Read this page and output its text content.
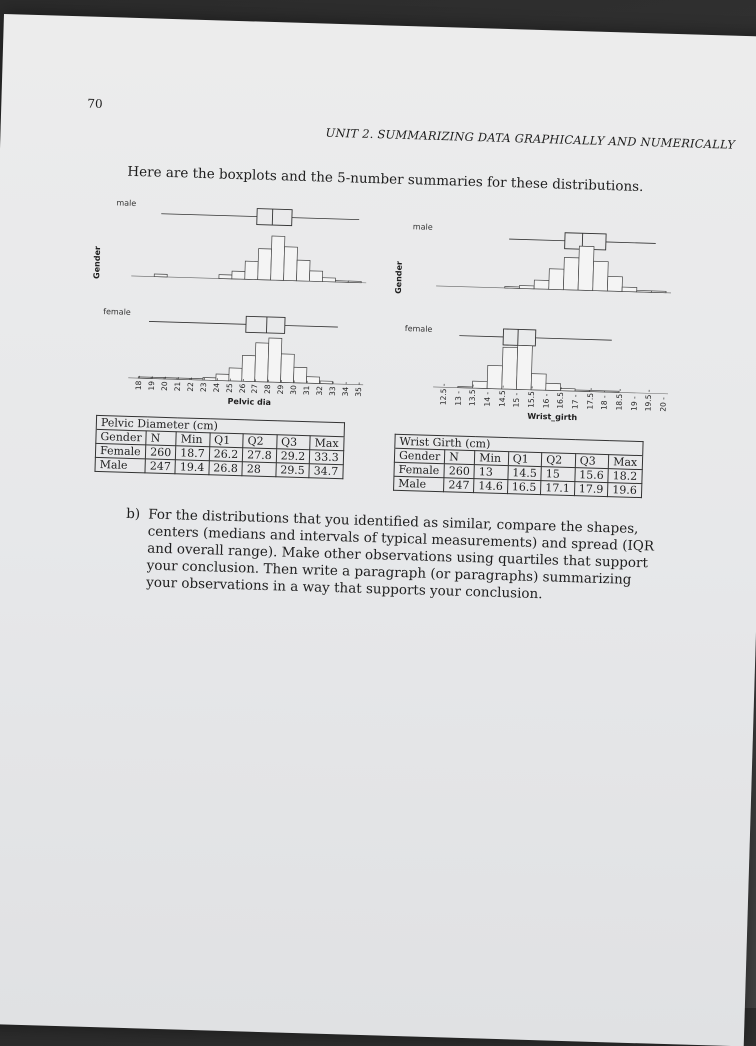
70
UNIT 2. SUMMARIZING DATA GRAPHICALLY AND NUMERICALLY
Here are the boxplots and the 5-number summaries for these distributions.
Gender
male
female
18 - 19 - 20 - 21 - 22 - 23 - 24 - 25 - 26 - 27 - 28 - 29 - 30 - 31 - 32 - 33 - 34 - 35 -
Pelvic dia
Gender
male
female
12.5 - 13 - 13.5 - 14 - 14.5 - 15 - 15.5 - 16 - 16.5 - 17 - 17.5 - 18 - 18.5 - 19 - 19.5 - 20 -
Wrist_girth
Pelvic Diameter (cm)						
Gender	N	Min	Q1	Q2	Q3	Max
Female	260	18.7	26.2	27.8	29.2	33.3
Male	247	19.4	26.8	28	29.5	34.7
Wrist Girth (cm)						
Gender	N	Min	Q1	Q2	Q3	Max
Female	260	13	14.5	15	15.6	18.2
Male	247	14.6	16.5	17.1	17.9	19.6
b) For the distributions that you identified as similar, compare the shapes, centers (medians and intervals of typical measurements) and spread (IQR and overall range). Make other observations using quartiles that support your conclusion. Then write a paragraph (or paragraphs) summarizing your observations in a way that supports your conclusion.
